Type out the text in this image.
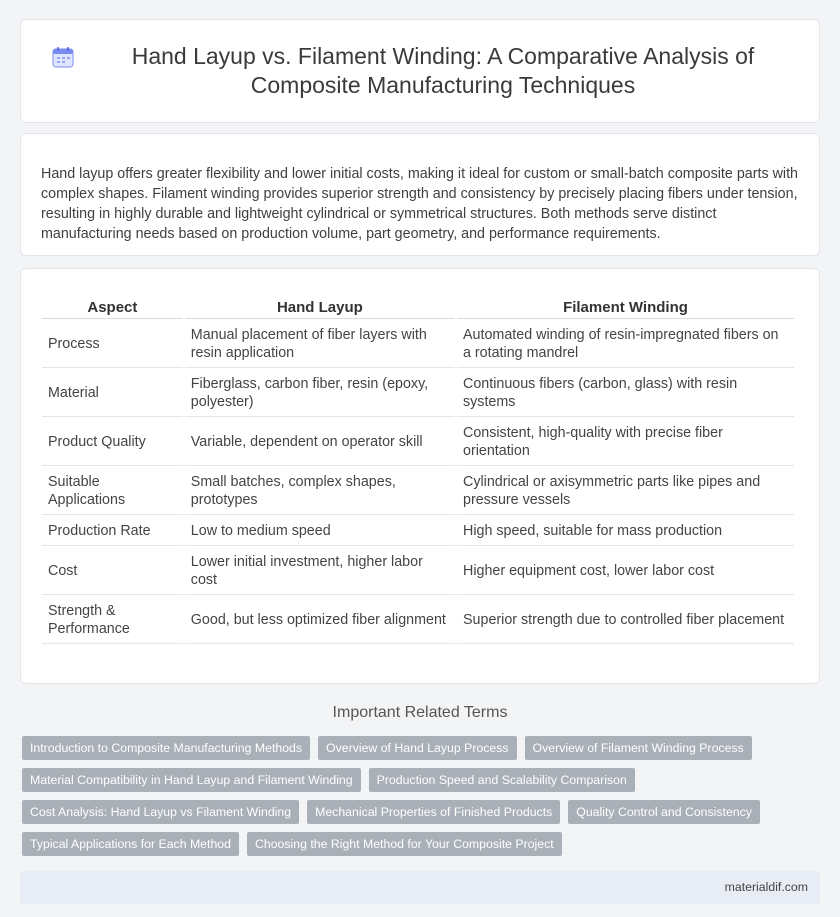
Hand Layup vs. Filament Winding: A Comparative Analysis of Composite Manufacturing Techniques

Hand layup offers greater flexibility and lower initial costs, making it ideal for custom or small-batch composite parts with complex shapes. Filament winding provides superior strength and consistency by precisely placing fibers under tension, resulting in highly durable and lightweight cylindrical or symmetrical structures. Both methods serve distinct manufacturing needs based on production volume, part geometry, and performance requirements.

Aspect	Hand Layup	Filament Winding
Process	Manual placement of fiber layers with resin application	Automated winding of resin-impregnated fibers on a rotating mandrel
Material	Fiberglass, carbon fiber, resin (epoxy, polyester)	Continuous fibers (carbon, glass) with resin systems
Product Quality	Variable, dependent on operator skill	Consistent, high-quality with precise fiber orientation
Suitable Applications	Small batches, complex shapes, prototypes	Cylindrical or axisymmetric parts like pipes and pressure vessels
Production Rate	Low to medium speed	High speed, suitable for mass production
Cost	Lower initial investment, higher labor cost	Higher equipment cost, lower labor cost
Strength & Performance	Good, but less optimized fiber alignment	Superior strength due to controlled fiber placement
Important Related Terms
Introduction to Composite Manufacturing Methods	Overview of Hand Layup Process	Overview of Filament Winding Process
Material Compatibility in Hand Layup and Filament Winding	Production Speed and Scalability Comparison
Cost Analysis: Hand Layup vs Filament Winding	Mechanical Properties of Finished Products	Quality Control and Consistency
Typical Applications for Each Method	Choosing the Right Method for Your Composite Project
materialdif.com
